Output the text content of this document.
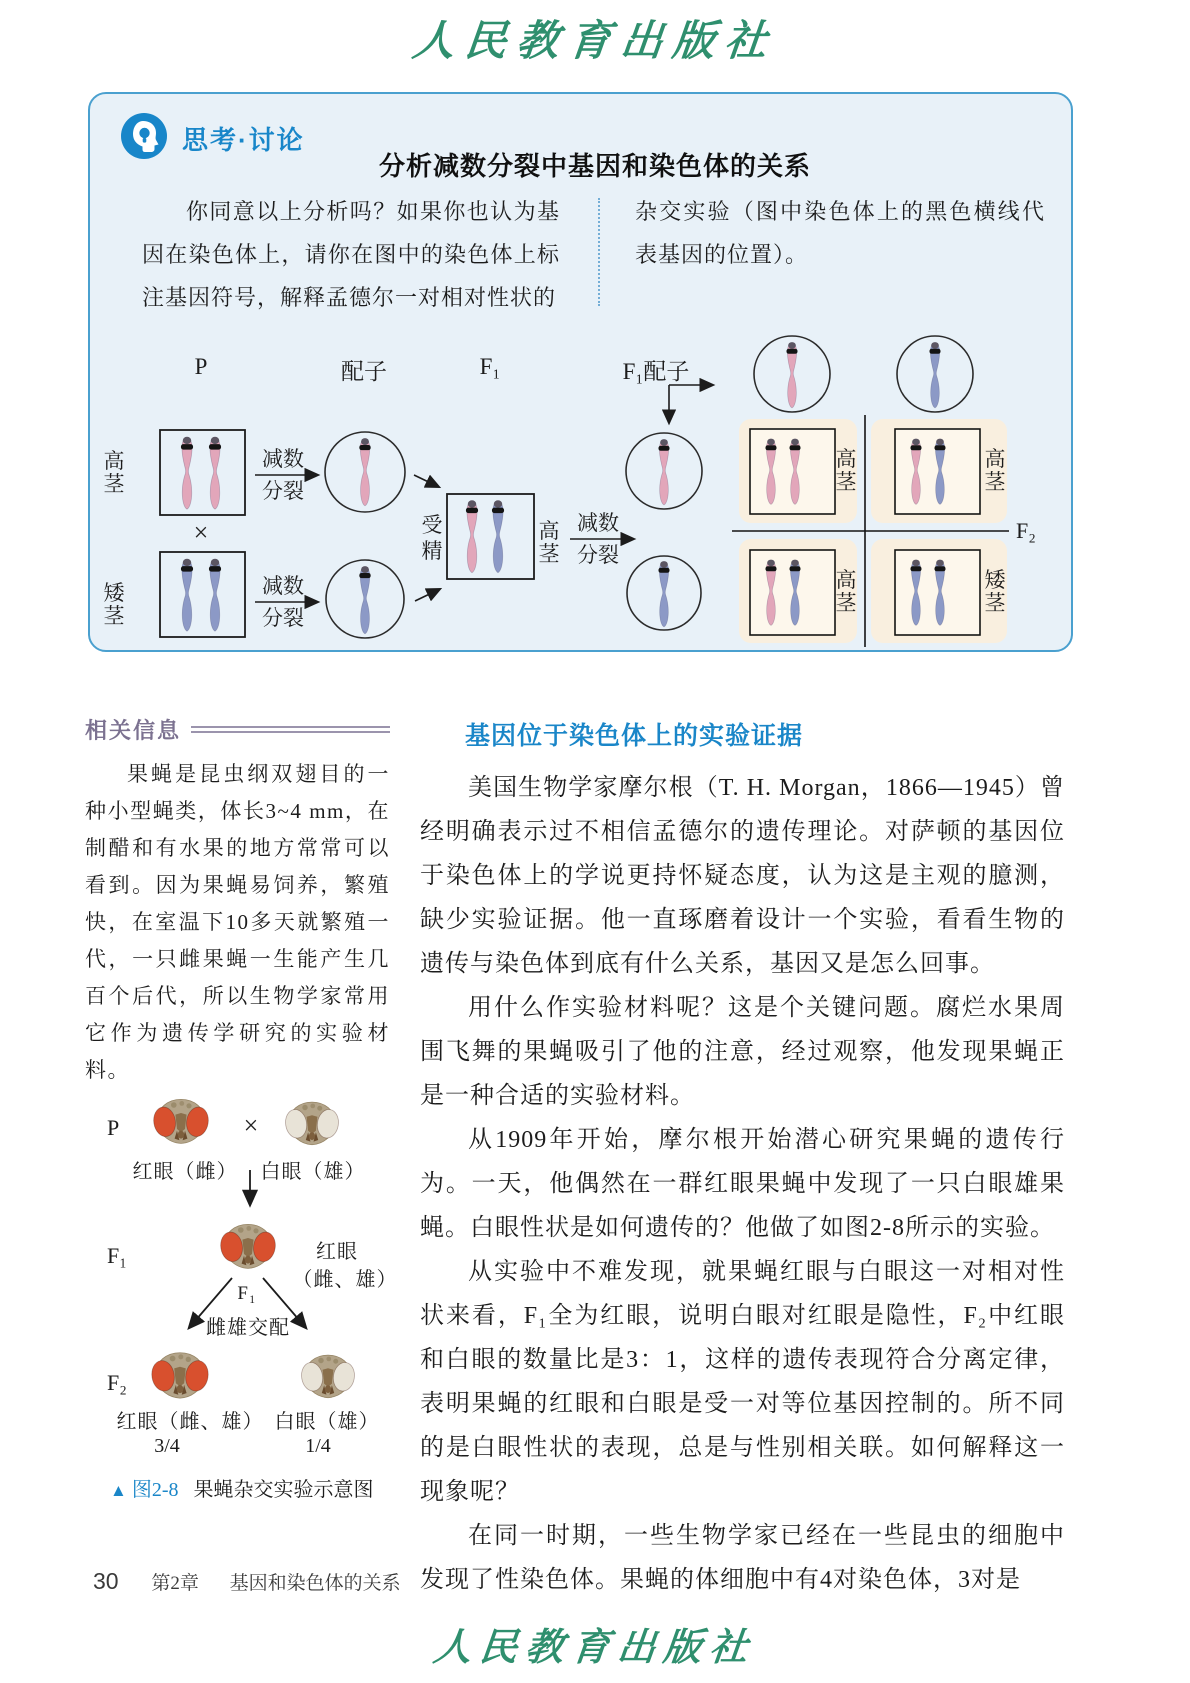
人民教育出版社
思考·讨论
分析减数分裂中基因和染色体的关系
你同意以上分析吗？如果你也认为基因在染色体上，请你在图中的染色体上标注基因符号，解释孟德尔一对相对性状的
杂交实验（图中染色体上的黑色横线代表基因的位置）。
P	配子	F₁	F₁配子
高茎
矮茎
×
减数
分裂
减数
分裂
受精
高茎
减数
分裂
高茎
高茎
高茎
矮茎
F₂
相关信息
果蝇是昆虫纲双翅目的一种小型蝇类，体长3~4 mm，在制醋和有水果的地方常常可以看到。因为果蝇易饲养，繁殖快，在室温下10多天就繁殖一代，一只雌果蝇一生能产生几百个后代，所以生物学家常用它作为遗传学研究的实验材料。
P	×
红眼（雌） 白眼（雄）
F₁	红眼
（雌、雄）
F₁
雌雄交配
F₂
红眼（雌、雄） 白眼（雄）
3/4	1/4
▲ 图2-8 果蝇杂交实验示意图
基因位于染色体上的实验证据

美国生物学家摩尔根（T. H. Morgan，1866—1945）曾经明确表示过不相信孟德尔的遗传理论。对萨顿的基因位于染色体上的学说更持怀疑态度，认为这是主观的臆测，缺少实验证据。他一直琢磨着设计一个实验，看看生物的遗传与染色体到底有什么关系，基因又是怎么回事。

用什么作实验材料呢？这是个关键问题。腐烂水果周围飞舞的果蝇吸引了他的注意，经过观察，他发现果蝇正是一种合适的实验材料。

从1909年开始，摩尔根开始潜心研究果蝇的遗传行为。一天，他偶然在一群红眼果蝇中发现了一只白眼雄果蝇。白眼性状是如何遗传的？他做了如图2-8所示的实验。

从实验中不难发现，就果蝇红眼与白眼这一对相对性状来看，F₁全为红眼，说明白眼对红眼是隐性，F₂中红眼和白眼的数量比是3：1，这样的遗传表现符合分离定律，表明果蝇的红眼和白眼是受一对等位基因控制的。所不同的是白眼性状的表现，总是与性别相关联。如何解释这一现象呢？

在同一时期，一些生物学家已经在一些昆虫的细胞中发现了性染色体。果蝇的体细胞中有4对染色体，3对是

30 第2章 基因和染色体的关系
人民教育出版社
